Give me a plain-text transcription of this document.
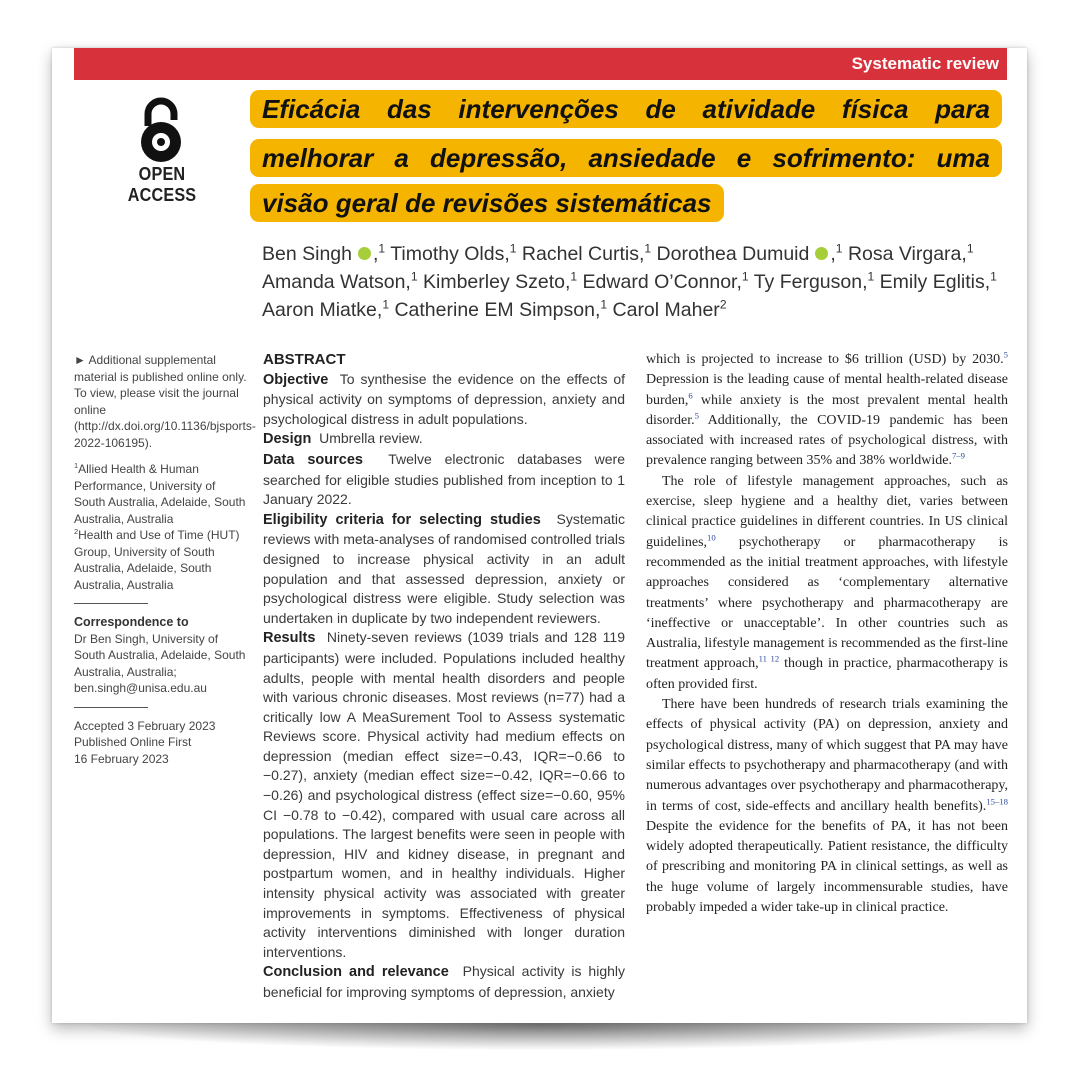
Systematic review
OPEN ACCESS
Eficácia das intervenções de atividade física para
melhorar a depressão, ansiedade e sofrimento: uma
visão geral de revisões sistemáticas
Ben Singh ,$^1$ Timothy Olds,$^1$ Rachel Curtis,$^1$ Dorothea Dumuid ,$^1$ Rosa Virgara,$^1$
Amanda Watson,$^1$ Kimberley Szeto,$^1$ Edward O’Connor,$^1$ Ty Ferguson,$^1$ Emily Eglitis,$^1$
Aaron Miatke,$^1$ Catherine EM Simpson,$^1$ Carol Maher$^2$
► Additional supplemental material is published online only. To view, please visit the journal online (http://dx.doi.org/10.1136/bjsports-2022-106195).
$^1$Allied Health & Human Performance, University of South Australia, Adelaide, South Australia, Australia
$^2$Health and Use of Time (HUT) Group, University of South Australia, Adelaide, South Australia, Australia
Correspondence to
Dr Ben Singh, University of South Australia, Adelaide, South Australia, Australia; ben.singh@unisa.edu.au
Accepted 3 February 2023
Published Online First
16 February 2023
ABSTRACT

Objective To synthesise the evidence on the effects of physical activity on symptoms of depression, anxiety and psychological distress in adult populations.

Design Umbrella review.

Data sources Twelve electronic databases were searched for eligible studies published from inception to 1 January 2022.

Eligibility criteria for selecting studies Systematic reviews with meta-analyses of randomised controlled trials designed to increase physical activity in an adult population and that assessed depression, anxiety or psychological distress were eligible. Study selection was undertaken in duplicate by two independent reviewers.

Results Ninety-seven reviews (1039 trials and 128 119 participants) were included. Populations included healthy adults, people with mental health disorders and people with various chronic diseases. Most reviews (n=77) had a critically low A MeaSurement Tool to Assess systematic Reviews score. Physical activity had medium effects on depression (median effect size=−0.43, IQR=−0.66 to −0.27), anxiety (median effect size=−0.42, IQR=−0.66 to −0.26) and psychological distress (effect size=−0.60, 95% CI −0.78 to −0.42), compared with usual care across all populations. The largest benefits were seen in people with depression, HIV and kidney disease, in pregnant and postpartum women, and in healthy individuals. Higher intensity physical activity was associated with greater improvements in symptoms. Effectiveness of physical activity interventions diminished with longer duration interventions.

Conclusion and relevance Physical activity is highly beneficial for improving symptoms of depression, anxiety

which is projected to increase to $6 trillion (USD) by 2030.$^5$ Depression is the leading cause of mental health-related disease burden,$^6$ while anxiety is the most prevalent mental health disorder.$^5$ Additionally, the COVID-19 pandemic has been associated with increased rates of psychological distress, with prevalence ranging between 35% and 38% worldwide.$^{7-9}$

The role of lifestyle management approaches, such as exercise, sleep hygiene and a healthy diet, varies between clinical practice guidelines in different countries. In US clinical guidelines,$^{10}$ psychotherapy or pharmacotherapy is recommended as the initial treatment approaches, with lifestyle approaches considered as ‘complementary alternative treatments’ where psychotherapy and pharmacotherapy are ‘ineffective or unacceptable’. In other countries such as Australia, lifestyle management is recommended as the first-line treatment approach,$^{11 12}$ though in practice, pharmacotherapy is often provided first.

There have been hundreds of research trials examining the effects of physical activity (PA) on depression, anxiety and psychological distress, many of which suggest that PA may have similar effects to psychotherapy and pharmacotherapy (and with numerous advantages over psychotherapy and pharmacotherapy, in terms of cost, side-effects and ancillary health benefits).$^{15-18}$ Despite the evidence for the benefits of PA, it has not been widely adopted therapeutically. Patient resistance, the difficulty of prescribing and monitoring PA in clinical settings, as well as the huge volume of largely incommensurable studies, have probably impeded a wider take-up in clinical practice.
